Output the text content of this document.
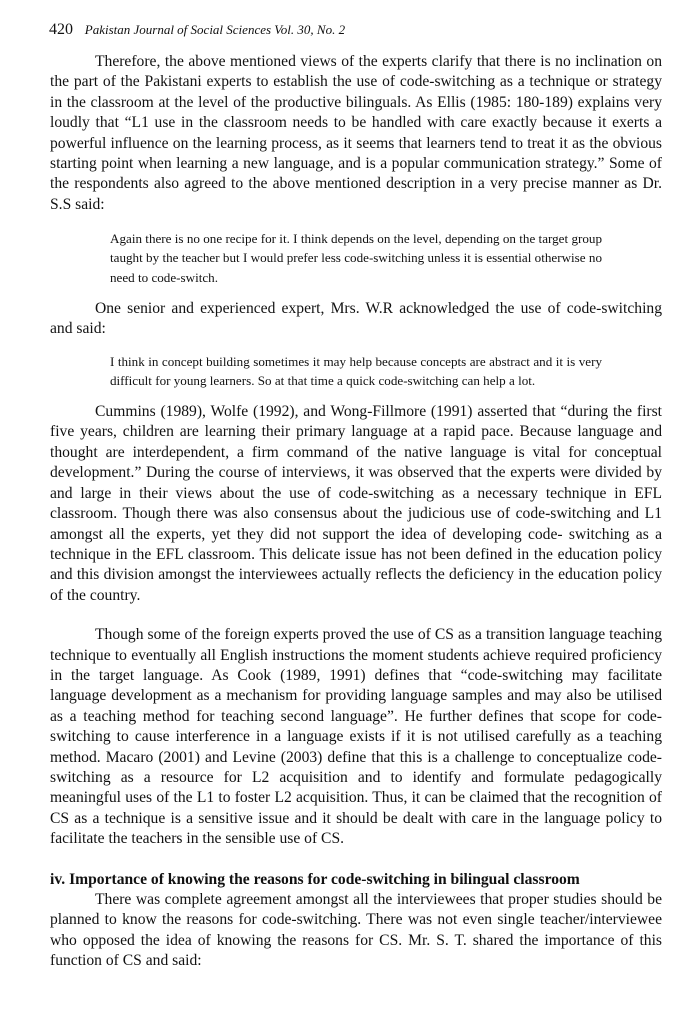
420 Pakistan Journal of Social Sciences Vol. 30, No. 2

Therefore, the above mentioned views of the experts clarify that there is no inclination on the part of the Pakistani experts to establish the use of code-switching as a technique or strategy in the classroom at the level of the productive bilinguals. As Ellis (1985: 180-189) explains very loudly that “L1 use in the classroom needs to be handled with care exactly because it exerts a powerful influence on the learning process, as it seems that learners tend to treat it as the obvious starting point when learning a new language, and is a popular communication strategy.” Some of the respondents also agreed to the above mentioned description in a very precise manner as Dr. S.S said:

Again there is no one recipe for it. I think depends on the level, depending on the target group taught by the teacher but I would prefer less code-switching unless it is essential otherwise no need to code-switch.

One senior and experienced expert, Mrs. W.R acknowledged the use of code-switching and said:

I think in concept building sometimes it may help because concepts are abstract and it is very difficult for young learners. So at that time a quick code-switching can help a lot.

Cummins (1989), Wolfe (1992), and Wong-Fillmore (1991) asserted that “during the first five years, children are learning their primary language at a rapid pace. Because language and thought are interdependent, a firm command of the native language is vital for conceptual development.” During the course of interviews, it was observed that the experts were divided by and large in their views about the use of code-switching as a necessary technique in EFL classroom. Though there was also consensus about the judicious use of code-switching and L1 amongst all the experts, yet they did not support the idea of developing code- switching as a technique in the EFL classroom. This delicate issue has not been defined in the education policy and this division amongst the interviewees actually reflects the deficiency in the education policy of the country.

Though some of the foreign experts proved the use of CS as a transition language teaching technique to eventually all English instructions the moment students achieve required proficiency in the target language. As Cook (1989, 1991) defines that “code-switching may facilitate language development as a mechanism for providing language samples and may also be utilised as a teaching method for teaching second language”. He further defines that scope for code- switching to cause interference in a language exists if it is not utilised carefully as a teaching method. Macaro (2001) and Levine (2003) define that this is a challenge to conceptualize code-switching as a resource for L2 acquisition and to identify and formulate pedagogically meaningful uses of the L1 to foster L2 acquisition. Thus, it can be claimed that the recognition of CS as a technique is a sensitive issue and it should be dealt with care in the language policy to facilitate the teachers in the sensible use of CS.

iv. Importance of knowing the reasons for code-switching in bilingual classroom

There was complete agreement amongst all the interviewees that proper studies should be planned to know the reasons for code-switching. There was not even single teacher/interviewee who opposed the idea of knowing the reasons for CS. Mr. S. T. shared the importance of this function of CS and said:
